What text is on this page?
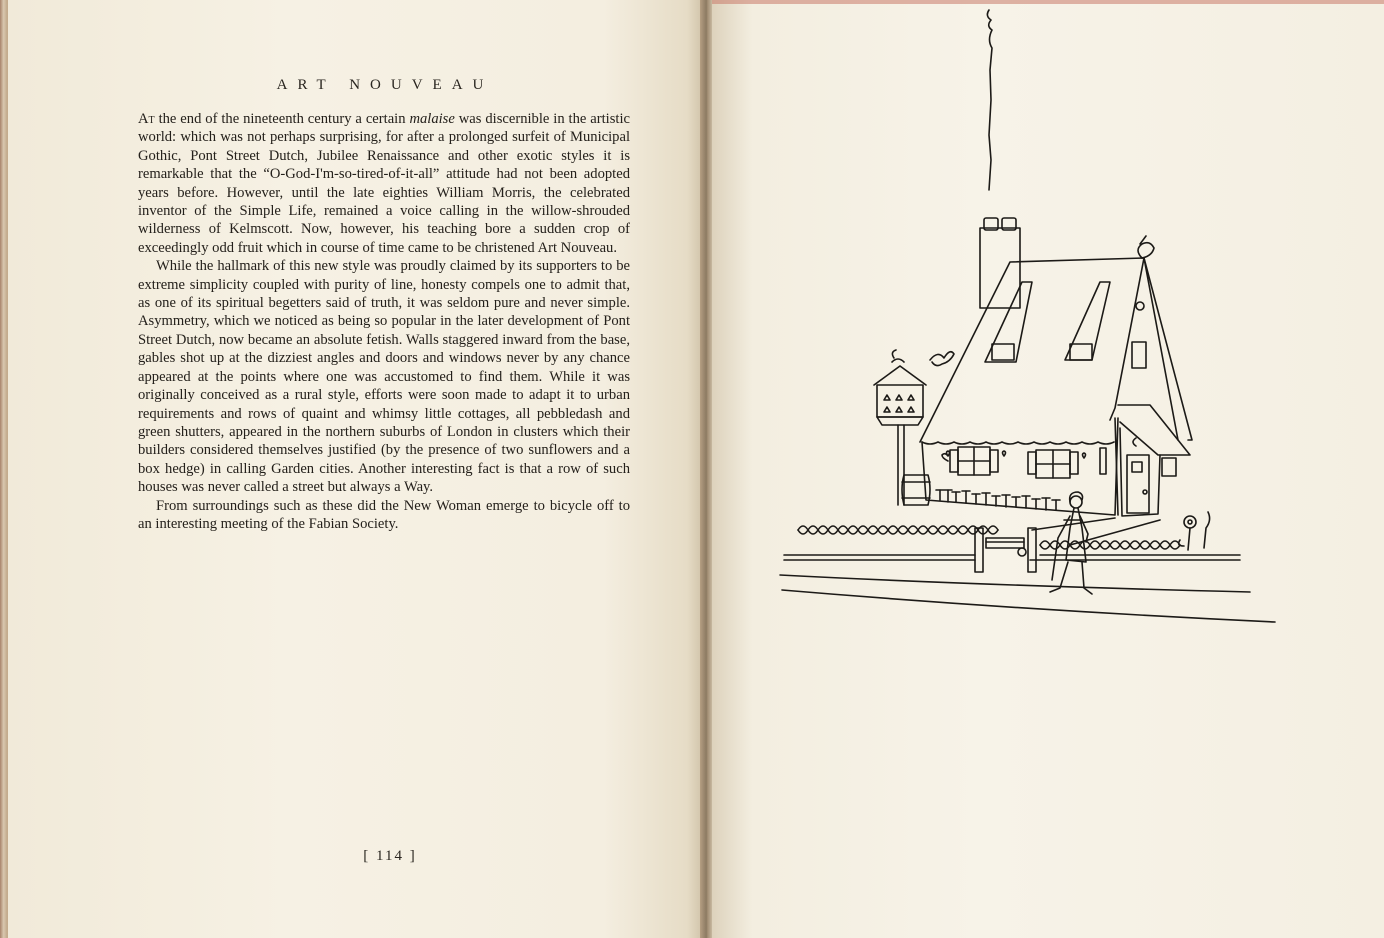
ART NOUVEAU

At the end of the nineteenth century a certain malaise was discernible in the artistic world: which was not perhaps surprising, for after a prolonged surfeit of Municipal Gothic, Pont Street Dutch, Jubilee Renaissance and other exotic styles it is remarkable that the “O-God-I'm-so-tired-of-it-all” attitude had not been adopted years before. However, until the late eighties William Morris, the celebrated inventor of the Simple Life, remained a voice calling in the willow-shrouded wilderness of Kelmscott. Now, however, his teaching bore a sudden crop of exceedingly odd fruit which in course of time came to be christened Art Nouveau.

While the hallmark of this new style was proudly claimed by its supporters to be extreme simplicity coupled with purity of line, honesty compels one to admit that, as one of its spiritual begetters said of truth, it was seldom pure and never simple. Asymmetry, which we noticed as being so popular in the later development of Pont Street Dutch, now became an absolute fetish. Walls staggered inward from the base, gables shot up at the dizziest angles and doors and windows never by any chance appeared at the points where one was accustomed to find them. While it was originally conceived as a rural style, efforts were soon made to adapt it to urban requirements and rows of quaint and whimsy little cottages, all pebbledash and green shutters, appeared in the northern suburbs of London in clusters which their builders considered themselves justified (by the presence of two sunflowers and a box hedge) in calling Garden cities. Another interesting fact is that a row of such houses was never called a street but always a Way.

From surroundings such as these did the New Woman emerge to bicycle off to an interesting meeting of the Fabian Society.

[ 114 ]
